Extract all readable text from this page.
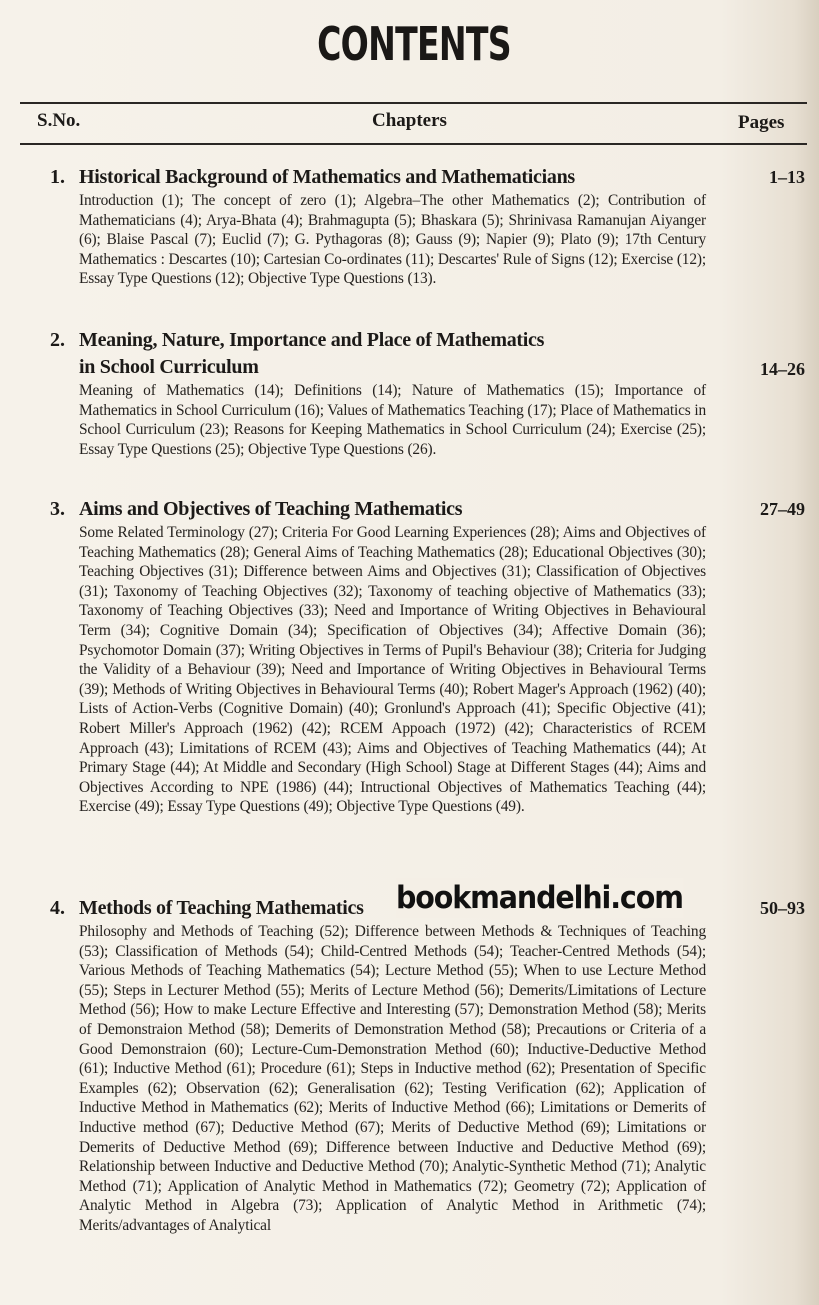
CONTENTS
S.No.	Chapters	Pages
1. Historical Background of Mathematics and Mathematicians	1–13
Introduction (1); The concept of zero (1); Algebra–The other Mathematics (2); Contribution of Mathematicians (4); Arya-Bhata (4); Brahmagupta (5); Bhaskara (5); Shrinivasa Ramanujan Aiyanger (6); Blaise Pascal (7); Euclid (7); G. Pythagoras (8); Gauss (9); Napier (9); Plato (9); 17th Century Mathematics : Descartes (10); Cartesian Co-ordinates (11); Descartes' Rule of Signs (12); Exercise (12); Essay Type Questions (12); Objective Type Questions (13).
2. Meaning, Nature, Importance and Place of Mathematics
in School Curriculum	14–26
Meaning of Mathematics (14); Definitions (14); Nature of Mathematics (15); Importance of Mathematics in School Curriculum (16); Values of Mathematics Teaching (17); Place of Mathematics in School Curriculum (23); Reasons for Keeping Mathematics in School Curriculum (24); Exercise (25); Essay Type Questions (25); Objective Type Questions (26).
3. Aims and Objectives of Teaching Mathematics	27–49
Some Related Terminology (27); Criteria For Good Learning Experiences (28); Aims and Objectives of Teaching Mathematics (28); General Aims of Teaching Mathematics (28); Educational Objectives (30); Teaching Objectives (31); Difference between Aims and Objectives (31); Classification of Objectives (31); Taxonomy of Teaching Objectives (32); Taxonomy of teaching objective of Mathematics (33); Taxonomy of Teaching Objectives (33); Need and Importance of Writing Objectives in Behavioural Term (34); Cognitive Domain (34); Specification of Objectives (34); Affective Domain (36); Psychomotor Domain (37); Writing Objectives in Terms of Pupil's Behaviour (38); Criteria for Judging the Validity of a Behaviour (39); Need and Importance of Writing Objectives in Behavioural Terms (39); Methods of Writing Objectives in Behavioural Terms (40); Robert Mager's Approach (1962) (40); Lists of Action-Verbs (Cognitive Domain) (40); Gronlund's Approach (41); Specific Objective (41); Robert Miller's Approach (1962) (42); RCEM Appoach (1972) (42); Characteristics of RCEM Approach (43); Limitations of RCEM (43); Aims and Objectives of Teaching Mathematics (44); At Primary Stage (44); At Middle and Secondary (High School) Stage at Different Stages (44); Aims and Objectives According to NPE (1986) (44); Intructional Objectives of Mathematics Teaching (44); Exercise (49); Essay Type Questions (49); Objective Type Questions (49).
4. Methods of Teaching Mathematics	50–93
Philosophy and Methods of Teaching (52); Difference between Methods & Techniques of Teaching (53); Classification of Methods (54); Child-Centred Methods (54); Teacher-Centred Methods (54); Various Methods of Teaching Mathematics (54); Lecture Method (55); When to use Lecture Method (55); Steps in Lecturer Method (55); Merits of Lecture Method (56); Demerits/Limitations of Lecture Method (56); How to make Lecture Effective and Interesting (57); Demonstration Method (58); Merits of Demonstraion Method (58); Demerits of Demonstration Method (58); Precautions or Criteria of a Good Demonstraion (60); Lecture-Cum-Demonstration Method (60); Inductive-Deductive Method (61); Inductive Method (61); Procedure (61); Steps in Inductive method (62); Presentation of Specific Examples (62); Observation (62); Generalisation (62); Testing Verification (62); Application of Inductive Method in Mathematics (62); Merits of Inductive Method (66); Limitations or Demerits of Inductive method (67); Deductive Method (67); Merits of Deductive Method (69); Limitations or Demerits of Deductive Method (69); Difference between Inductive and Deductive Method (69); Relationship between Inductive and Deductive Method (70); Analytic-Synthetic Method (71); Analytic Method (71); Application of Analytic Method in Mathematics (72); Geometry (72); Application of Analytic Method in Algebra (73); Application of Analytic Method in Arithmetic (74); Merits/advantages of Analytical
bookmandelhi.com
